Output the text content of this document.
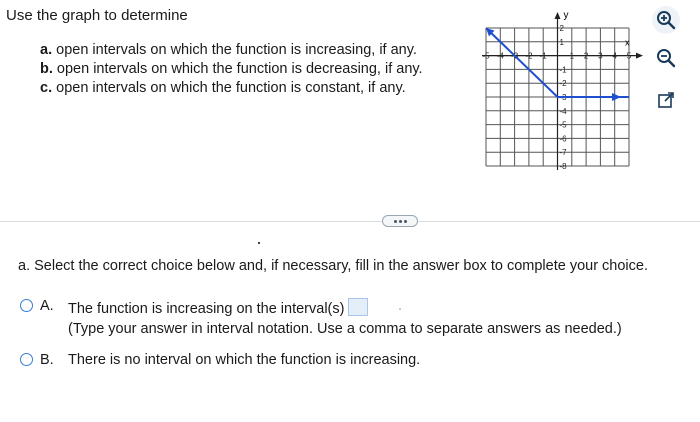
Use the graph to determine

a. open intervals on which the function is increasing, if any.
b. open intervals on which the function is decreasing, if any.
c. open intervals on which the function is constant, if any.
x
y
-5 -4 -3 -2 -1	1 2 3 4 5
2
1
-1
-2
-3
-4
-5
-6
-7
-8

a. Select the correct choice below and, if necessary, fill in the answer box to complete your choice.

A. The function is increasing on the interval(s)	.
(Type your answer in interval notation. Use a comma to separate answers as needed.)
B. There is no interval on which the function is increasing.
